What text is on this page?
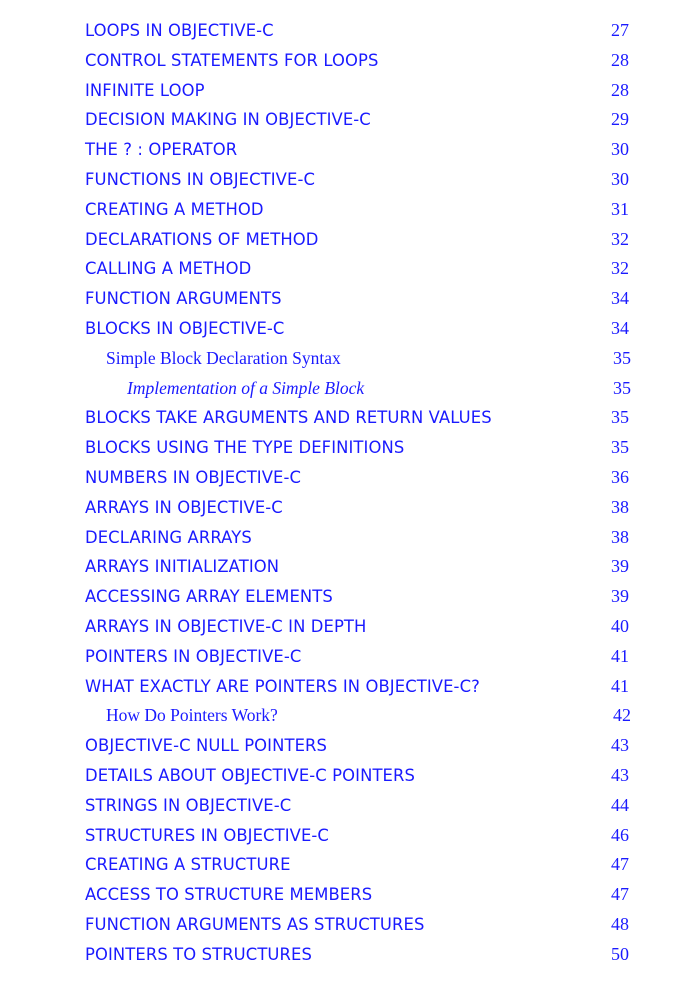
LOOPS IN OBJECTIVE-C	27
CONTROL STATEMENTS FOR LOOPS	28
INFINITE LOOP	28
DECISION MAKING IN OBJECTIVE-C	29
THE ? : OPERATOR	30
FUNCTIONS IN OBJECTIVE-C	30
CREATING A METHOD	31
DECLARATIONS OF METHOD	32
CALLING A METHOD	32
FUNCTION ARGUMENTS	34
BLOCKS IN OBJECTIVE-C	34
Simple Block Declaration Syntax	35
Implementation of a Simple Block	35
BLOCKS TAKE ARGUMENTS AND RETURN VALUES	35
BLOCKS USING THE TYPE DEFINITIONS	35
NUMBERS IN OBJECTIVE-C	36
ARRAYS IN OBJECTIVE-C	38
DECLARING ARRAYS	38
ARRAYS INITIALIZATION	39
ACCESSING ARRAY ELEMENTS	39
ARRAYS IN OBJECTIVE-C IN DEPTH	40
POINTERS IN OBJECTIVE-C	41
WHAT EXACTLY ARE POINTERS IN OBJECTIVE-C?	41
How Do Pointers Work?	42
OBJECTIVE-C NULL POINTERS	43
DETAILS ABOUT OBJECTIVE-C POINTERS	43
STRINGS IN OBJECTIVE-C	44
STRUCTURES IN OBJECTIVE-C	46
CREATING A STRUCTURE	47
ACCESS TO STRUCTURE MEMBERS	47
FUNCTION ARGUMENTS AS STRUCTURES	48
POINTERS TO STRUCTURES	50
